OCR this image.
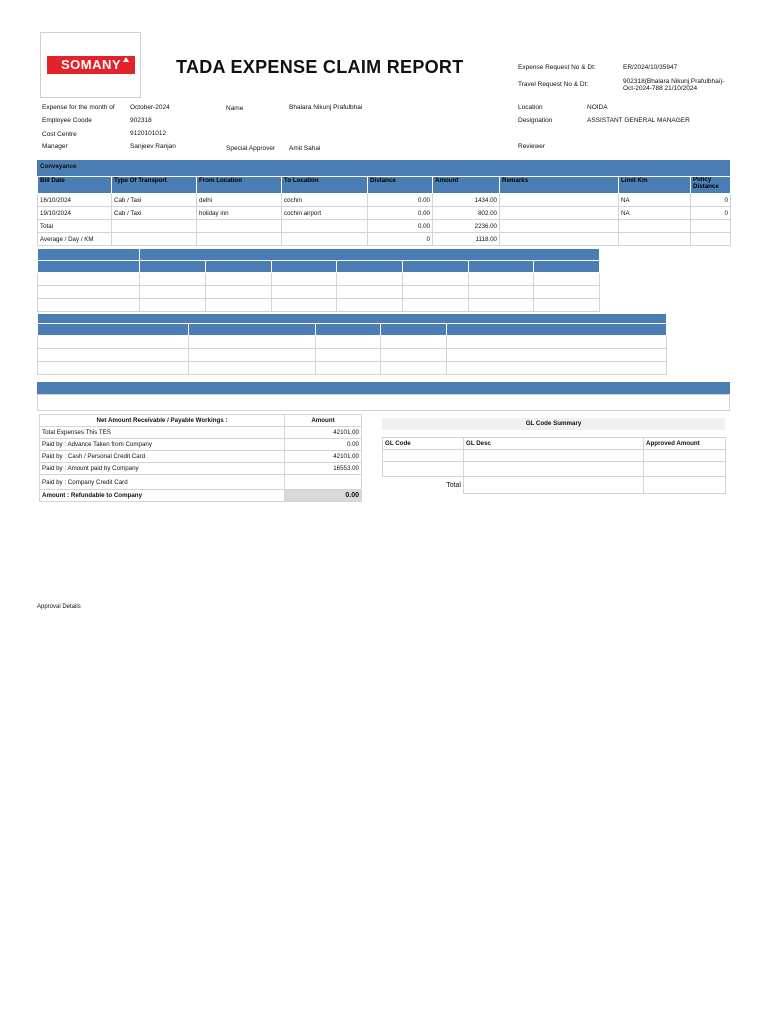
SOMANY	TADA EXPENSE CLAIM REPORT	Expense Request No & Dt:	ER/2024/10/35947
Travel Request No & Dt:	902318(Bhalara Nikunj Prafulbhai)-
Oct-2024-788 21/10/2024
Expense for the month of October-2024	Name	Bhalara Nikunj Prafulbhai	Location	NOIDA
Employee Coode	902318	Designation	ASSISTANT GENERAL MANAGER
Cost Centre	9120101012
Manager	Sanjeev Ranjan	Special Approver Amit Sahai	Reviewer
Conveyance
Bill Date	Type Of Transport	From Location	To Location	Distance	Amount	Remarks	Limit Km	Policy Distance
16/10/2024	Cab / Taxi	delhi	cochin	0.00	1434.00		NA	0
19/10/2024	Cab / Taxi	holiday inn	cochin airport	0.00	802.00		NA	0
Total				0.00	2236.00			
Average / Day / KM				0	1118.00			

Net Amount Receivable / Payable Workings :	Amount
Total Expenses This TES	42101.00
Paid by : Advance Taken from Company	0.00
Paid by : Cash / Personal Credit Card	42101.00
Paid by : Amount paid by Company	16553.00
Paid by : Company Credit Card	
Amount : Refundable to Company	0.00
GL Code Summary
GL Code	GL Desc	Approved Amount

Total		
Approval Details
